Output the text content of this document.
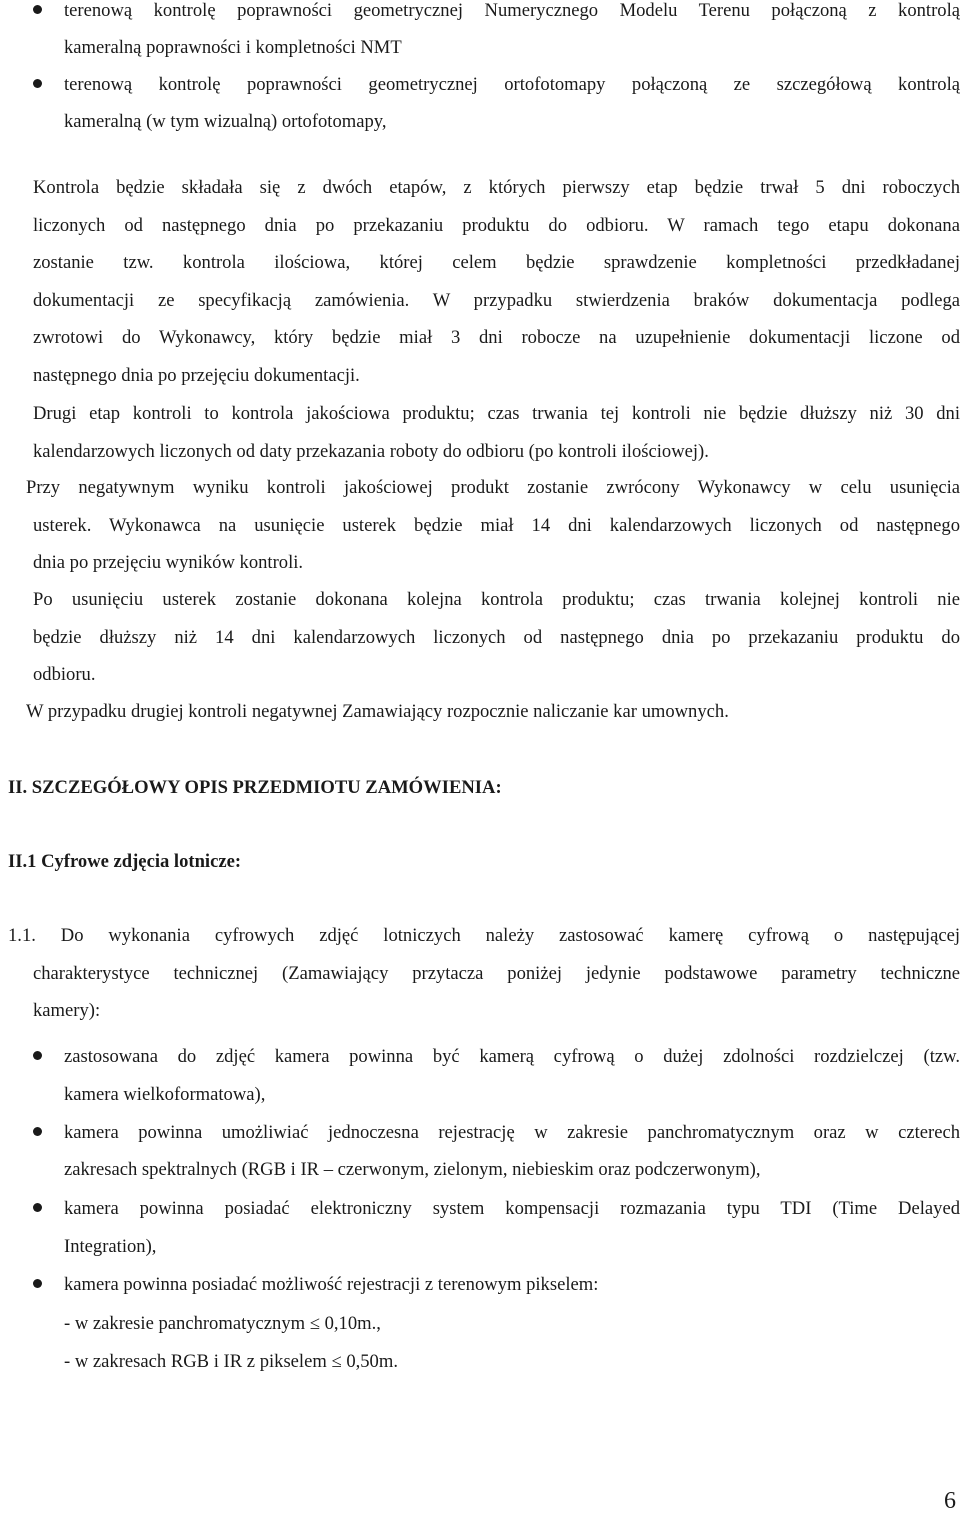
terenową kontrolę poprawności geometrycznej Numerycznego Modelu Terenu połączoną z kontrolą
kameralną poprawności i kompletności NMT
terenową kontrolę poprawności geometrycznej ortofotomapy połączoną ze szczegółową kontrolą
kameralną (w tym wizualną) ortofotomapy,
Kontrola będzie składała się z dwóch etapów, z których pierwszy etap będzie trwał 5 dni roboczych
liczonych od następnego dnia po przekazaniu produktu do odbioru. W ramach tego etapu dokonana
zostanie tzw. kontrola ilościowa, której celem będzie sprawdzenie kompletności przedkładanej
dokumentacji ze specyfikacją zamówienia. W przypadku stwierdzenia braków dokumentacja podlega
zwrotowi do Wykonawcy, który będzie miał 3 dni robocze na uzupełnienie dokumentacji liczone od
następnego dnia po przejęciu dokumentacji.
Drugi etap kontroli to kontrola jakościowa produktu; czas trwania tej kontroli nie będzie dłuższy niż 30 dni
kalendarzowych liczonych od daty przekazania roboty do odbioru (po kontroli ilościowej).
Przy negatywnym wyniku kontroli jakościowej produkt zostanie zwrócony Wykonawcy w celu usunięcia
usterek. Wykonawca na usunięcie usterek będzie miał 14 dni kalendarzowych liczonych od następnego
dnia po przejęciu wyników kontroli.
Po usunięciu usterek zostanie dokonana kolejna kontrola produktu; czas trwania kolejnej kontroli nie
będzie dłuższy niż 14 dni kalendarzowych liczonych od następnego dnia po przekazaniu produktu do
odbioru.
W przypadku drugiej kontroli negatywnej Zamawiający rozpocznie naliczanie kar umownych.
II. SZCZEGÓŁOWY OPIS PRZEDMIOTU ZAMÓWIENIA:
II.1 Cyfrowe zdjęcia lotnicze:
1.1. Do wykonania cyfrowych zdjęć lotniczych należy zastosować kamerę cyfrową o następującej
charakterystyce technicznej (Zamawiający przytacza poniżej jedynie podstawowe parametry techniczne
kamery):
zastosowana do zdjęć kamera powinna być kamerą cyfrową o dużej zdolności rozdzielczej (tzw.
kamera wielkoformatowa),
kamera powinna umożliwiać jednoczesna rejestrację w zakresie panchromatycznym oraz w czterech
zakresach spektralnych (RGB i IR – czerwonym, zielonym, niebieskim oraz podczerwonym),
kamera powinna posiadać elektroniczny system kompensacji rozmazania typu TDI (Time Delayed
Integration),
kamera powinna posiadać możliwość rejestracji z terenowym pikselem:
- w zakresie panchromatycznym ≤ 0,10m.,
- w zakresach RGB i IR z pikselem ≤ 0,50m.
6
